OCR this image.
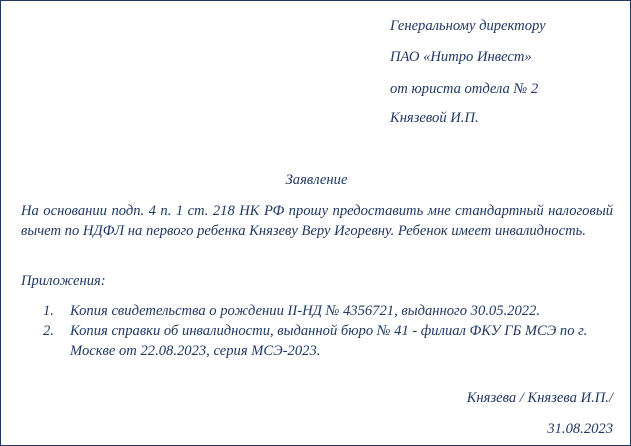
Генеральному директору
ПАО «Нитро Инвест»
от юриста отдела № 2
Князевой И.П.
Заявление
На основании подп. 4 п. 1 ст. 218 НК РФ прошу предоставить мне стандартный налоговый вычет по НДФЛ на первого ребенка Князеву Веру Игоревну. Ребенок имеет инвалидность.
Приложения:
1.	Копия свидетельства о рождении II-НД № 4356721, выданного 30.05.2022.
2.	Копия справки об инвалидности, выданной бюро № 41 - филиал ФКУ ГБ МСЭ по г. Москве от 22.08.2023, серия МСЭ-2023.
Князева / Князева И.П./
31.08.2023
